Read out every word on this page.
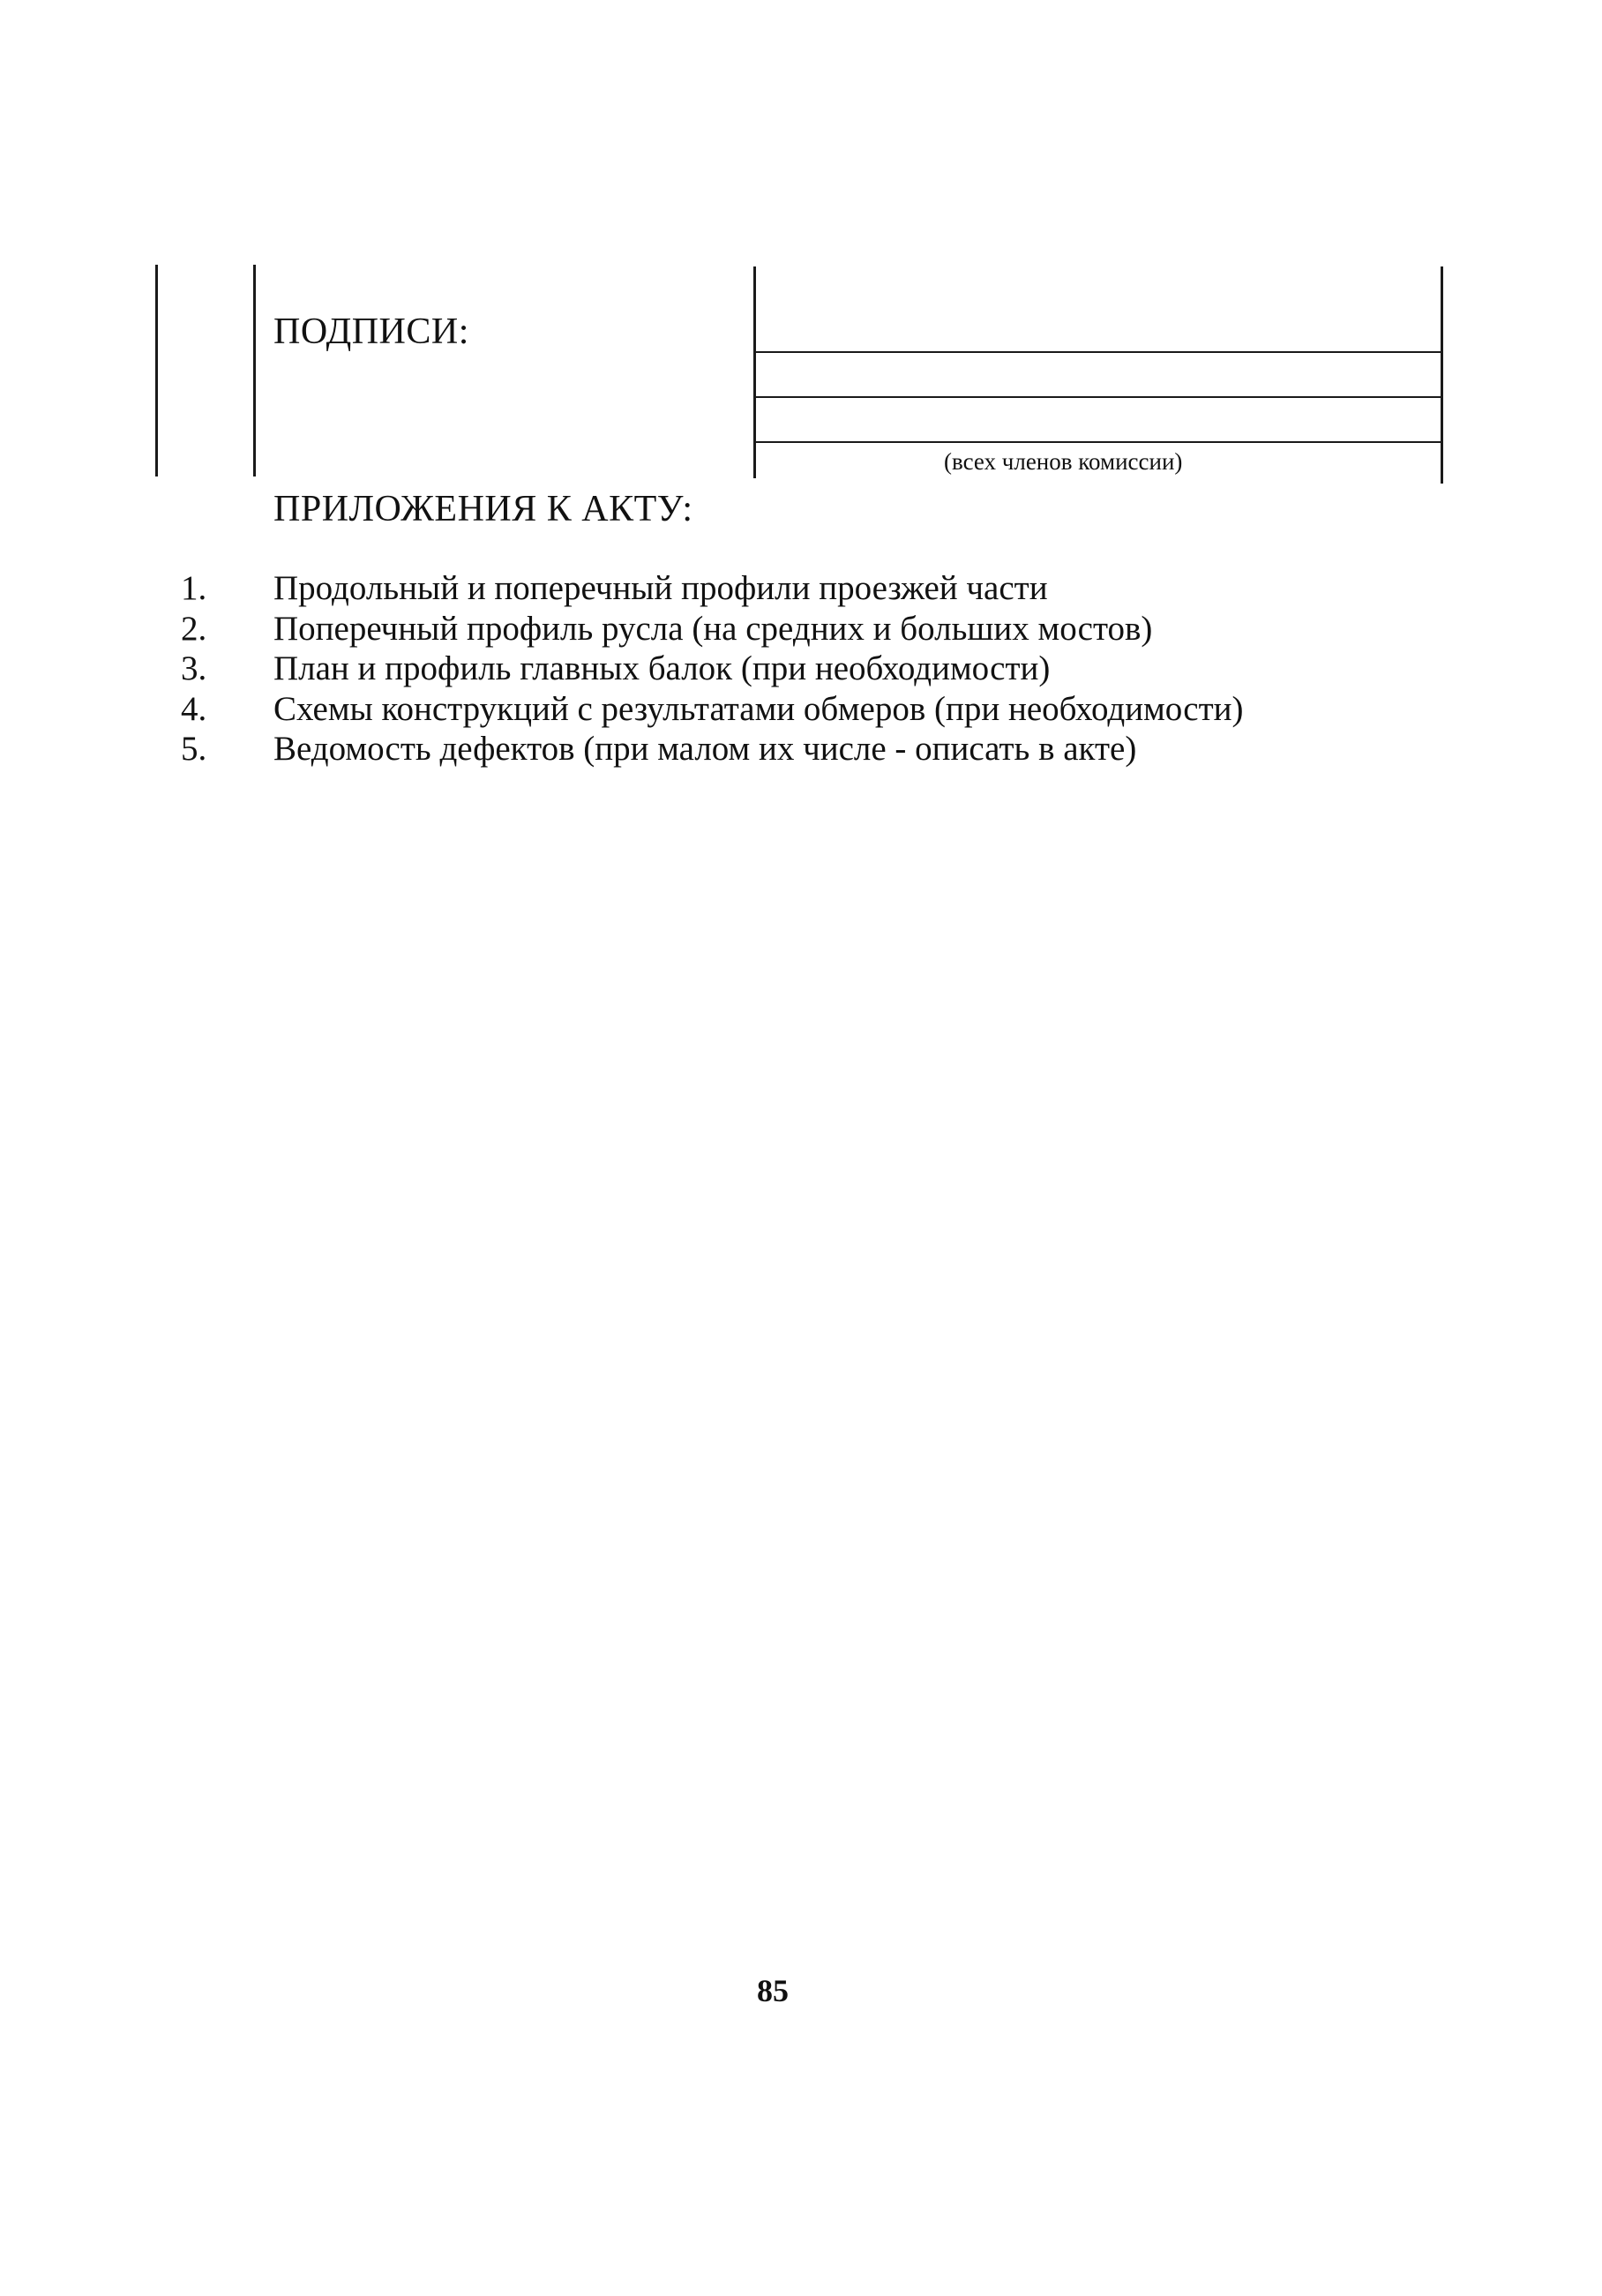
ПОДПИСИ:
(всех членов комиссии)
ПРИЛОЖЕНИЯ К АКТУ:
1. Продольный и поперечный профили проезжей части
2. Поперечный профиль русла (на средних и больших мостов)
3. План и профиль главных балок (при необходимости)
4. Схемы конструкций с результатами обмеров (при необходимости)
5. Ведомость дефектов (при малом их числе - описать в акте)
85
